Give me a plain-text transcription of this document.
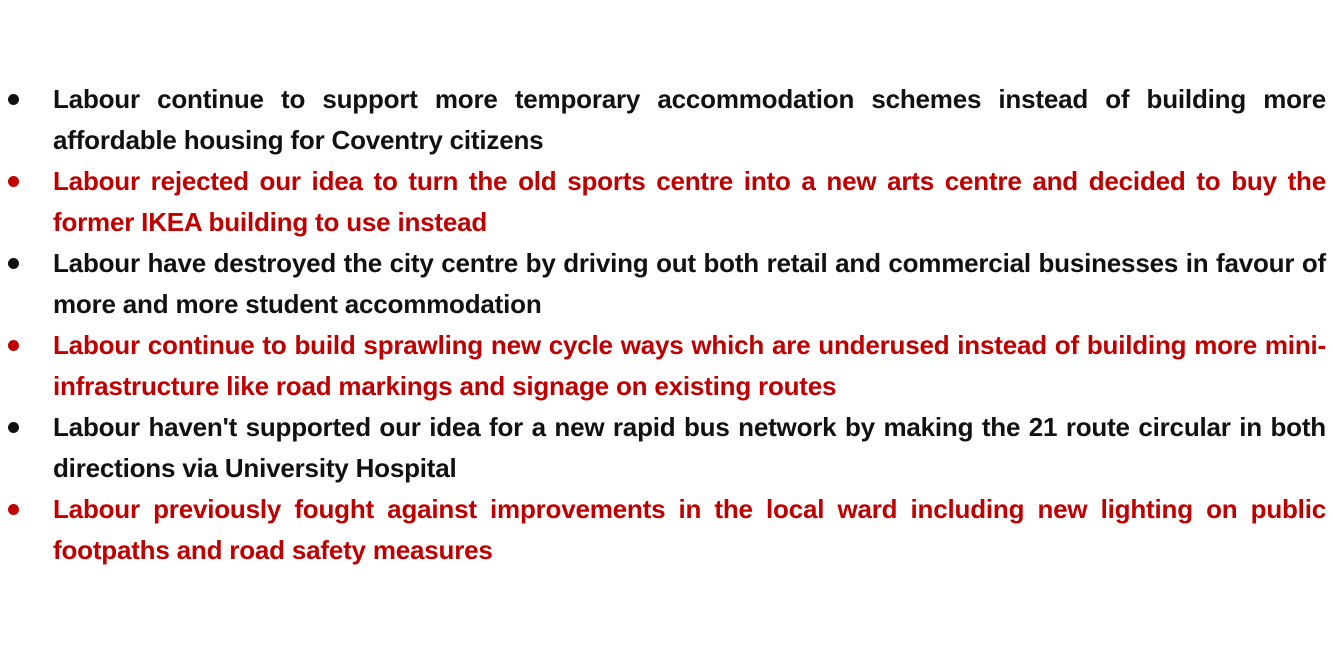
Labour continue to support more temporary accommodation schemes instead of building more affordable housing for Coventry citizens
Labour rejected our idea to turn the old sports centre into a new arts centre and decided to buy the former IKEA building to use instead
Labour have destroyed the city centre by driving out both retail and commercial businesses in favour of more and more student accommodation
Labour continue to build sprawling new cycle ways which are underused instead of building more mini-infrastructure like road markings and signage on existing routes
Labour haven't supported our idea for a new rapid bus network by making the 21 route circular in both directions via University Hospital
Labour previously fought against improvements in the local ward including new lighting on public footpaths and road safety measures
